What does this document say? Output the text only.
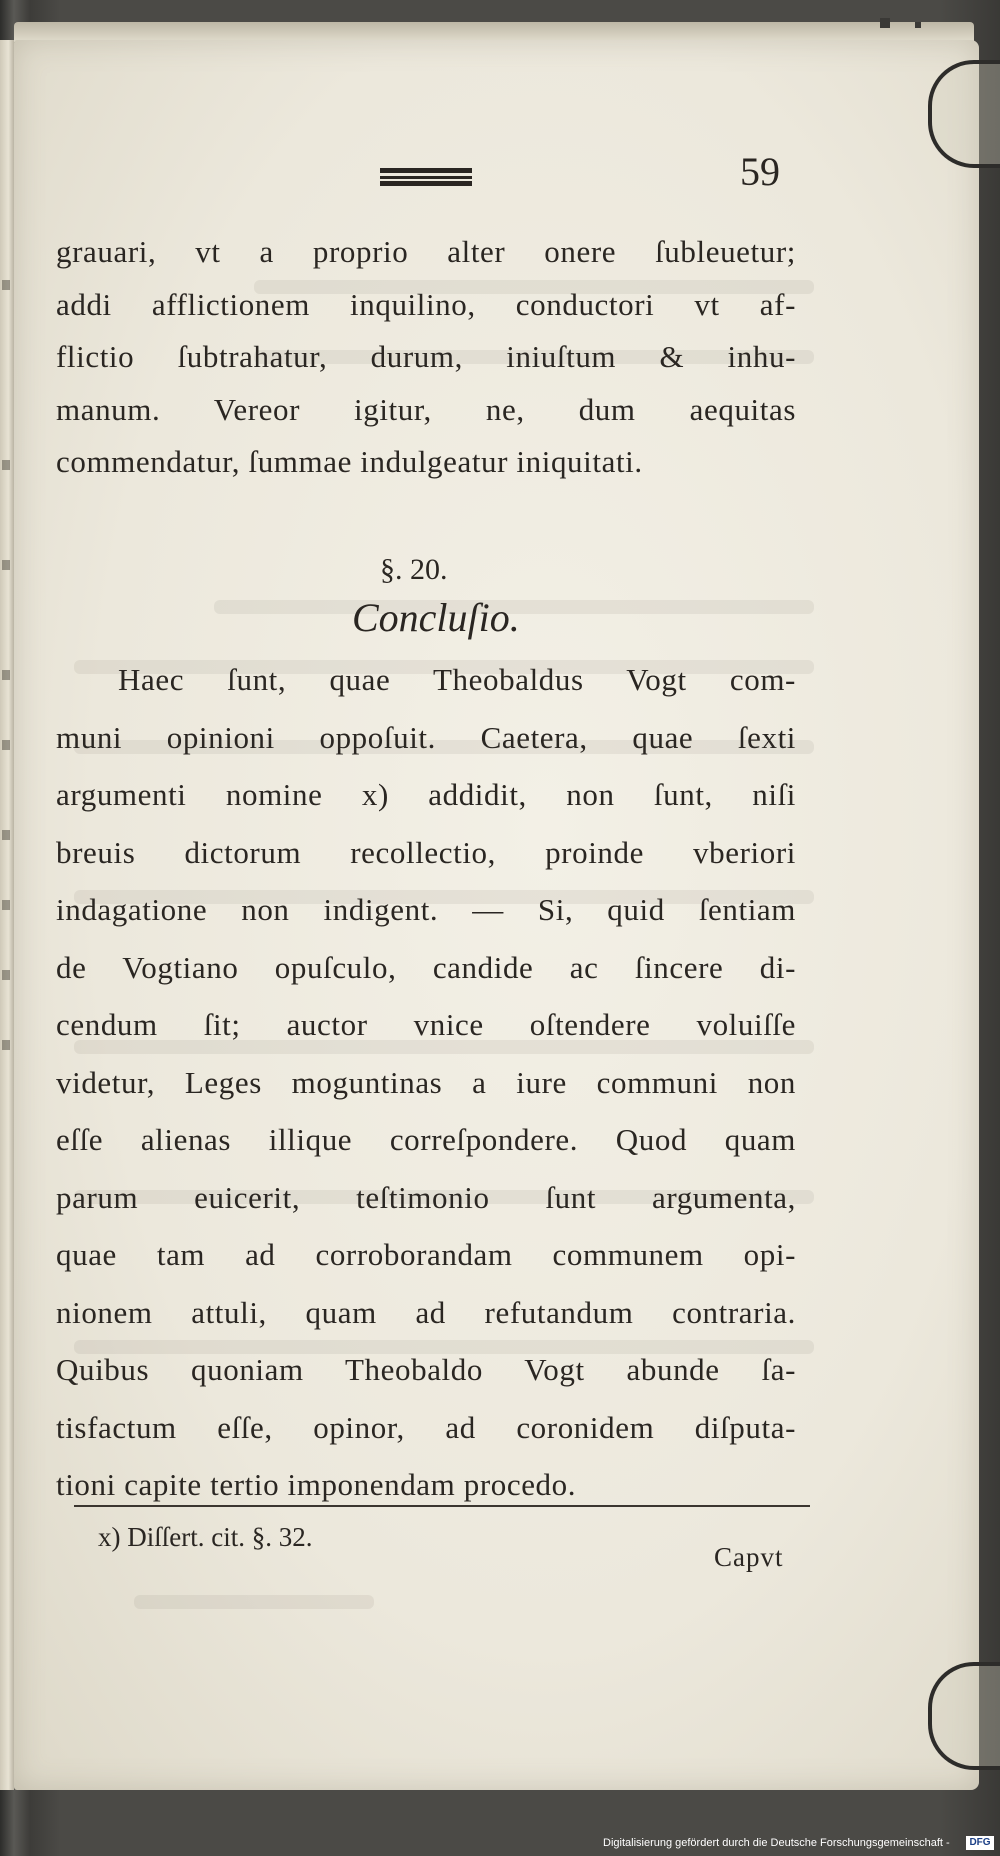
59
grauari, vt a proprio alter onere ſubleuetur;
addi afflictionem inquilino, conductori vt af-
flictio ſubtrahatur, durum, iniuſtum & inhu-
manum. Vereor igitur, ne, dum aequitas
commendatur, ſummae indulgeatur iniquitati.
§. 20.
Concluſio.
Haec ſunt, quae Theobaldus Vogt com-
muni opinioni oppoſuit. Caetera, quae ſexti
argumenti nomine x) addidit, non ſunt, niſi
breuis dictorum recollectio, proinde vberiori
indagatione non indigent. — Si, quid ſentiam
de Vogtiano opuſculo, candide ac ſincere di-
cendum ſit; auctor vnice oſtendere voluiſſe
videtur, Leges moguntinas a iure communi non
eſſe alienas illique correſpondere. Quod quam
parum euicerit, teſtimonio ſunt argumenta,
quae tam ad corroborandam communem opi-
nionem attuli, quam ad refutandum contraria.
Quibus quoniam Theobaldo Vogt abunde ſa-
tisfactum eſſe, opinor, ad coronidem diſputa-
tioni capite tertio imponendam procedo.
x) Diſſert. cit. §. 32.
Capvt
Digitalisierung gefördert durch die Deutsche Forschungsgemeinschaft -	DFG
